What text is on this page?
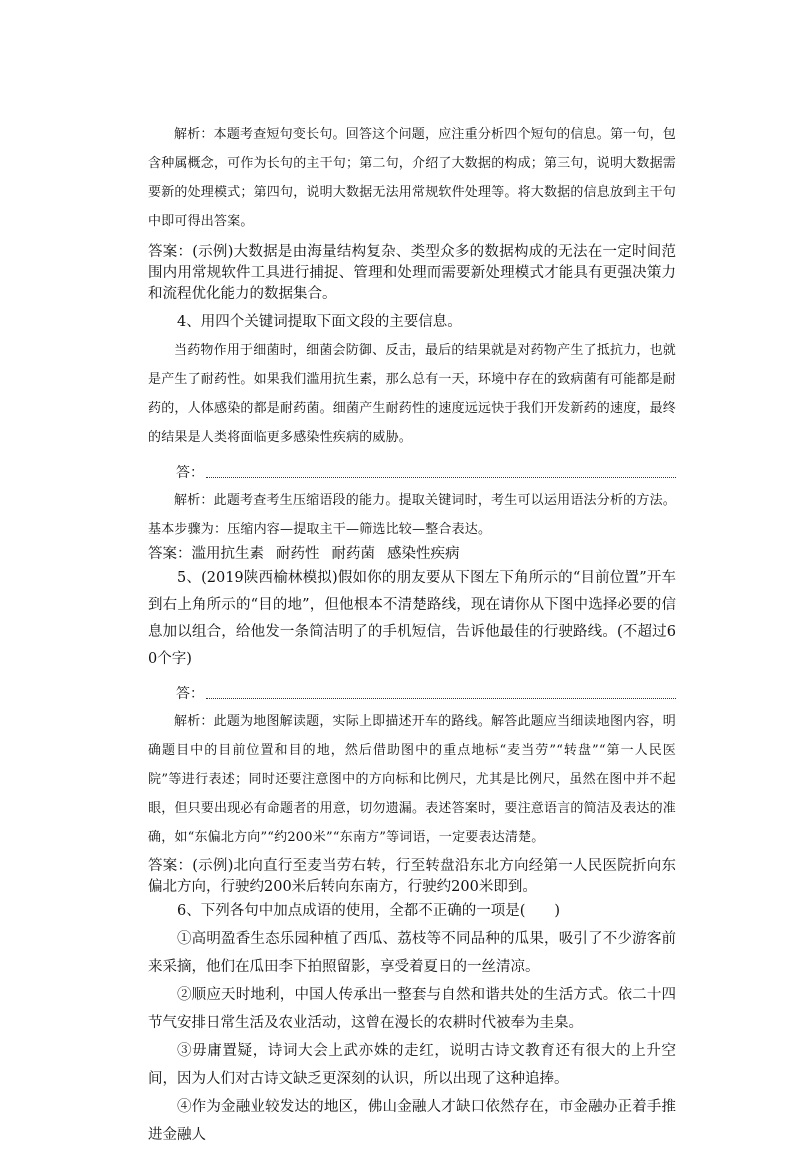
解析：本题考查短句变长句。回答这个问题，应注重分析四个短句的信息。第一句，包含种属概念，可作为长句的主干句；第二句，介绍了大数据的构成；第三句，说明大数据需要新的处理模式；第四句，说明大数据无法用常规软件处理等。将大数据的信息放到主干句中即可得出答案。

答案：(示例)大数据是由海量结构复杂、类型众多的数据构成的无法在一定时间范围内用常规软件工具进行捕捉、管理和处理而需要新处理模式才能具有更强决策力和流程优化能力的数据集合。

4、用四个关键词提取下面文段的主要信息。

当药物作用于细菌时，细菌会防御、反击，最后的结果就是对药物产生了抵抗力，也就是产生了耐药性。如果我们滥用抗生素，那么总有一天，环境中存在的致病菌有可能都是耐药的，人体感染的都是耐药菌。细菌产生耐药性的速度远远快于我们开发新药的速度，最终的结果是人类将面临更多感染性疾病的威胁。

答：

解析：此题考查考生压缩语段的能力。提取关键词时，考生可以运用语法分析的方法。基本步骤为：压缩内容—提取主干—筛选比较—整合表达。

答案：滥用抗生素 耐药性 耐药菌 感染性疾病

5、(2019陕西榆林模拟)假如你的朋友要从下图左下角所示的“目前位置”开车到右上角所示的“目的地”，但他根本不清楚路线，现在请你从下图中选择必要的信息加以组合，给他发一条简洁明了的手机短信，告诉他最佳的行驶路线。(不超过60个字)

答：

解析：此题为地图解读题，实际上即描述开车的路线。解答此题应当细读地图内容，明确题目中的目前位置和目的地，然后借助图中的重点地标“麦当劳”“转盘”“第一人民医院”等进行表述；同时还要注意图中的方向标和比例尺，尤其是比例尺，虽然在图中并不起眼，但只要出现必有命题者的用意，切勿遗漏。表述答案时，要注意语言的简洁及表达的准确，如“东偏北方向”“约200米”“东南方”等词语，一定要表达清楚。

答案：(示例)北向直行至麦当劳右转，行至转盘沿东北方向经第一人民医院折向东偏北方向，行驶约200米后转向东南方，行驶约200米即到。

6、下列各句中加点成语的使用，全都不正确的一项是(　　)

①高明盈香生态乐园种植了西瓜、荔枝等不同品种的瓜果，吸引了不少游客前来采摘，他们在瓜田李下拍照留影，享受着夏日的一丝清凉。

②顺应天时地利，中国人传承出一整套与自然和谐共处的生活方式。依二十四节气安排日常生活及农业活动，这曾在漫长的农耕时代被奉为圭臬。

③毋庸置疑，诗词大会上武亦姝的走红，说明古诗文教育还有很大的上升空间，因为人们对古诗文缺乏更深刻的认识，所以出现了这种追捧。

④作为金融业较发达的地区，佛山金融人才缺口依然存在，市金融办正着手推进金融人
